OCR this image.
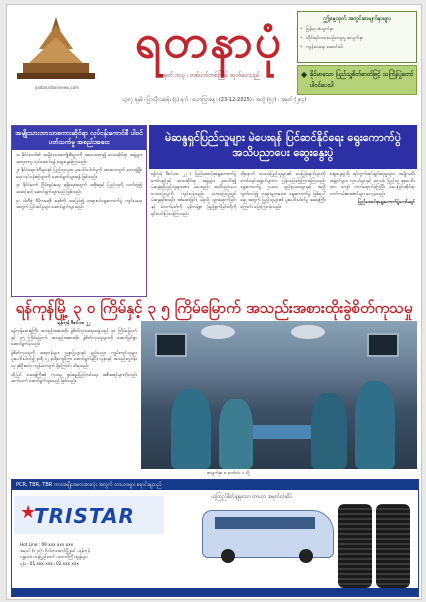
yadanarbonnews.com
ရတနာပုံ
အမှတ် ၁၀၃ ၊ တစ်ပတ်တစ်ကြိမ် ထုတ်ဝေသည်
ဤနေ့ထုတ် အတွင်းစာမျက်နှာများ
• မြန်မာ့ စာမျက်နှာ
• တိုင်းရင်းသားယဉ်ကျေးမှု စာမျက်နှာ
• ကျန်းမာရေး ဆောင်းပါး
◆ ခိုင်မာသော ပြည်သူ့စိတ်ဓာတ်ဖြင့် သင်္ကြန်ပွဲတော် ပါဝင်ပေးပါ
၁၃၈၇ ခုနှစ် ၊ ပြာသိုလဆန်း (၄) ရက် ၊ သောကြာနေ့ ၊ (23-12-2025) ၊ အတွဲ (၅၇) ၊ အမှတ် (၂၈၄)
အမျိုးသားဘာသာစကားဆိုင်ရာ လုပ်ငန်းကောင်စီ ပါဝင်ပတ်သက်မှု အစည်းအဝေး

၁။ နိုင်ငံတော်၏ အမျိုးသားအကျိုးစီးပွားကို အလေးထား၍ ဒေသဆိုင်ရာ အဖွဲ့များ အတူတကွ လုပ်ဆောင်ရန် ဆွေးနွေးခဲ့ကြသည်။

၂။ နိုင်ငံရေးပါတီများနှင့် ပြည်သူလူထု ပူးပေါင်းပါဝင်မှုကို အားပေးလျက် ဒေသဖွံ့ဖြိုးရေး လုပ်ငန်းစဉ်များကို ဆောင်ရွက်သွားရန် ဖြစ်သည်။

၃။ နိုင်ငံတော် ငြိမ်းချမ်းရေး ရရှိရေးအတွက် အစိုးရနှင့် ပြည်သူတို့ လက်တွဲ၍ အဆင့်ဆင့် ဆောင်ရွက်သွားမည် ဖြစ်သည်။

၄။ ပါတီစုံ ဒီမိုကရေစီ စနစ်ကို အခြေခံ၍ တရားဝင်ရွေးကောက်ပွဲ ကျင်းပရေးအတွက် ပြင်ဆင်မှုများ ဆောင်ရွက်သွားမည်။

မဲဆန္ဒရှင်ပြည်သူများ မဲပေးရန် ပြင်ဆင်နိုင်ရေး ရွေးကောက်ပွဲ အသိပညာပေး ဆွေးနွေးပွဲ

ရန်ကုန် ဒီဇင်ဘာ ၂၂ ။ ပြည်ထောင်စုရွေးကောက်ပွဲကော်မရှင်နှင့် ဒေသဆိုင်ရာ အဖွဲ့များ ပူးပေါင်း၍ မဲဆန္ဒရှင်ပြည်သူများအား မဲပေးနည်း အသိပညာပေး ဟောပြောပွဲကို ကျင်းပခဲ့သည်။ ဟောပြောပွဲတွင် မဲဆန္ဒရှင်စာရင်း စစ်ဆေးခြင်း၊ မဲရုံသို့ သွားရောက်ခြင်းနှင့် မဲလက်မှတ်ကို မှန်ကန်စွာ ဖြည့်စွက်ခြင်းတို့ကို ရှင်းလင်းပြသခဲ့ကြသည်။

ထို့နောက် ဒေသခံပြည်သူများ၏ မေးမြန်းချက်များကို ကော်မရှင်အဖွဲ့ဝင်များက ပြန်လည်ဖြေကြားခဲ့ကြသည်။ ရွေးကောက်ပွဲ ဥပဒေ၊ နည်းဥပဒေများနှင့် အညီ လွတ်လပ်၍ တရားမျှတသော ရွေးကောက်ပွဲ ဖြစ်ပေါ်ရေး အတွက် ပြည်သူများ၏ ပူးပေါင်းပါဝင်မှု အရေးကြီးကြောင်း ပြောကြားခဲ့သည်။

ဆွေးနွေးပွဲသို့ ရပ်ကွက်အုပ်ချုပ်ရေးမှူးများ၊ အမျိုးသမီးအဖွဲ့ဝင်များ၊ လူငယ်များနှင့် ဒေသခံ ပြည်သူ စုစုပေါင်း ၃၀၀ ကျော် တက်ရောက်ခဲ့ကြပြီး မဲပေးခြင်းဆိုင်ရာ လက်ကမ်းစာစောင်များ ဝေငှခဲ့သည်။

ပြည်ထောင်စုရွေးကောက်ပွဲကော်မရှင်
ရန်ကုန်မြို့ ၃ ဝ ကြိမ်နှင့် ၃ ၅ ကြိမ်မြောက် အသည်းအစားထိုးခွဲစိတ်ကုသမှု
ရန်ကုန် ဒီဇင်ဘာ ၂၂

ရန်ကုန်ဆေးရုံကြီး အသည်းအစားထိုး ခွဲစိတ်ကုသရေးအဖွဲ့သည် ၃၀ ကြိမ်မြောက်နှင့် ၃၅ ကြိမ်မြောက် အသည်းအစားထိုး ခွဲစိတ်ကုသမှုများကို အောင်မြင်စွာ ဆောင်ရွက်ခဲ့သည်။

ခွဲစိတ်ကုသမှုကို ဆရာဝန်များ၊ သူနာပြုများနှင့် နည်းပညာ ကျွမ်းကျင်သူများ ပူးပေါင်းပါဝင်၍ နာရီ ၁၂ နာရီကျော်ကြာ ဆောင်ရွက်ခဲ့ပြီး လူနာနှင့် အသည်းလှူဒါန်းသူ နှစ်ဦးစလုံး ကျန်းမာလျက် ရှိကြောင်း သိရသည်။

ထို့ပြင် ဆေးရုံကြီး၏ ကုသမှု စွမ်းရည်မြှင့်တင်ရေး အစီအစဉ်များကိုလည်း ဆက်လက် ဆောင်ရွက်သွားမည် ဖြစ်သည်။

စာမျက်နှာ ၈ ကော်လံ ၁ သို့
PCR, TBR, TBR ကားအမျိုးအစားအားလုံး အတွက် တာယာများ ရောင်းချသည်
★
TRISTAR
ယုံကြည်စိတ်ချရသော တာယာ အမှတ်တံဆိပ်

Hot Line : 09 xxx xxx xxx

အမှတ် (၁၂၈) ၊ ဗိုလ်တထောင်မြို့နယ် ၊ ရန်ကုန်

မန္တလေး ၊ နေပြည်တော် ၊ တောင်ကြီး ရုံးခွဲများ

ဖုန်း - 01 xxx xxx ၊ 02 xxx xxx
